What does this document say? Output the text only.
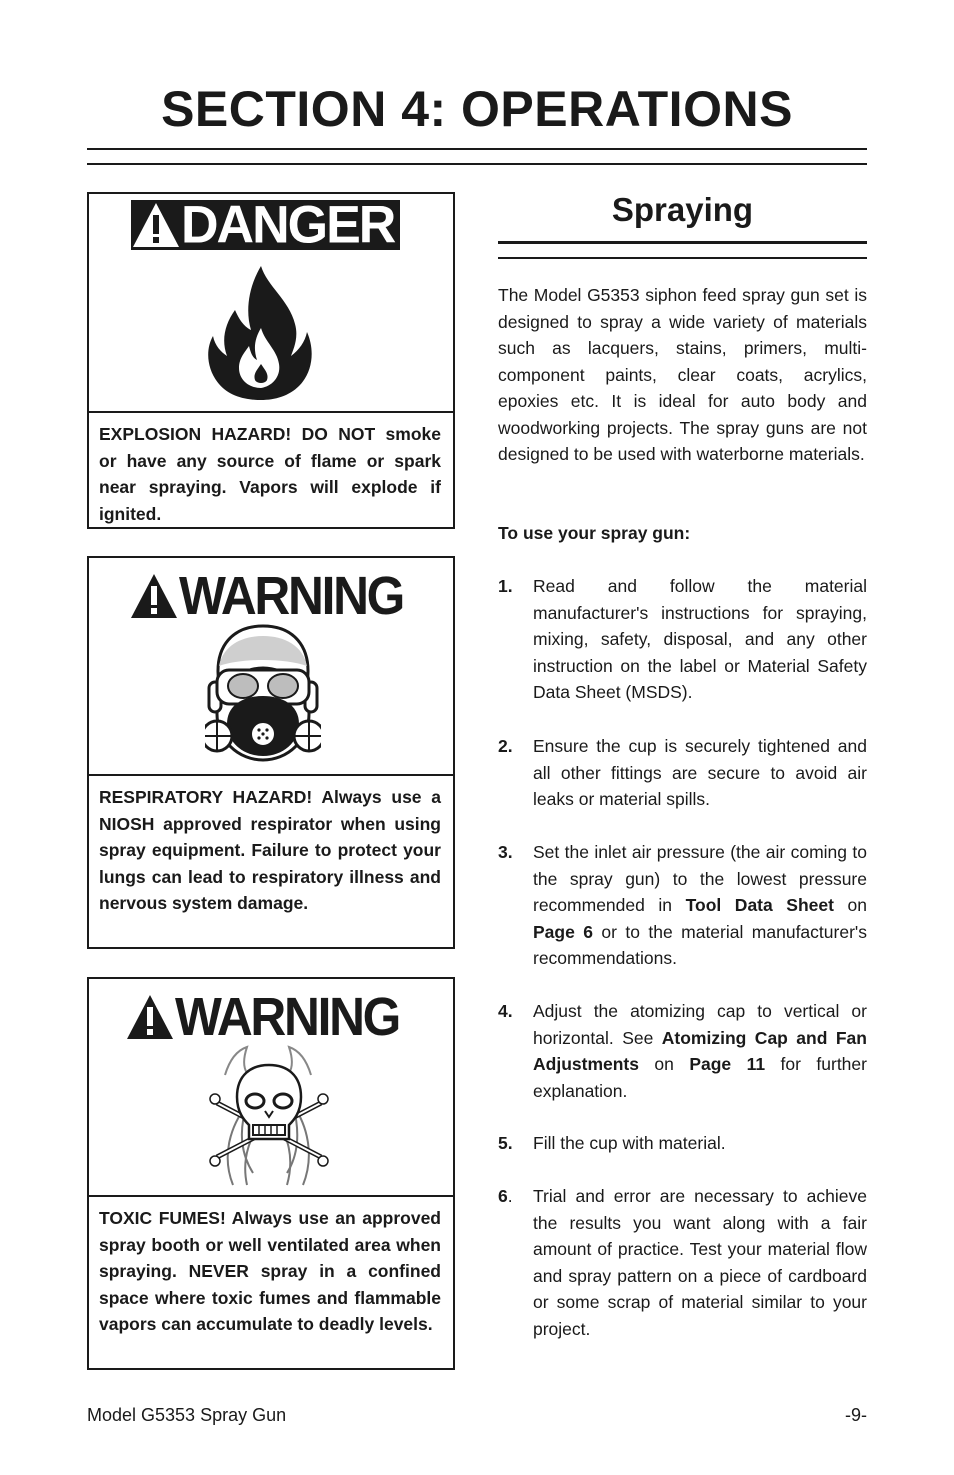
SECTION 4: OPERATIONS
DANGER
EXPLOSION HAZARD! DO NOT smoke or have any source of flame or spark near spraying. Vapors will explode if ignited.
WARNING
RESPIRATORY HAZARD! Always use a NIOSH approved respirator when using spray equipment. Failure to protect your lungs can lead to respiratory illness and nervous system damage.
WARNING
TOXIC FUMES! Always use an approved spray booth or well ventilated area when spraying. NEVER spray in a confined space where toxic fumes and flammable vapors can accumulate to deadly levels.
Spraying

The Model G5353 siphon feed spray gun set is designed to spray a wide variety of materials such as lacquers, stains, primers, multi-component paints, clear coats, acrylics, epoxies etc. It is ideal for auto body and woodworking projects. The spray guns are not designed to be used with waterborne materials.

To use your spray gun:

1. Read and follow the material manufacturer's instructions for spraying, mixing, safety, disposal, and any other instruction on the label or Material Safety Data Sheet (MSDS).
2. Ensure the cup is securely tightened and all other fittings are secure to avoid air leaks or material spills.
3. Set the inlet air pressure (the air coming to the spray gun) to the lowest pressure recommended in Tool Data Sheet on Page 6 or to the material manufacturer's recommendations.
4. Adjust the atomizing cap to vertical or horizontal. See Atomizing Cap and Fan Adjustments on Page 11 for further explanation.
5. Fill the cup with material.
6. Trial and error are necessary to achieve the results you want along with a fair amount of practice. Test your material flow and spray pattern on a piece of cardboard or some scrap of material similar to your project.
Model G5353 Spray Gun	-9-
